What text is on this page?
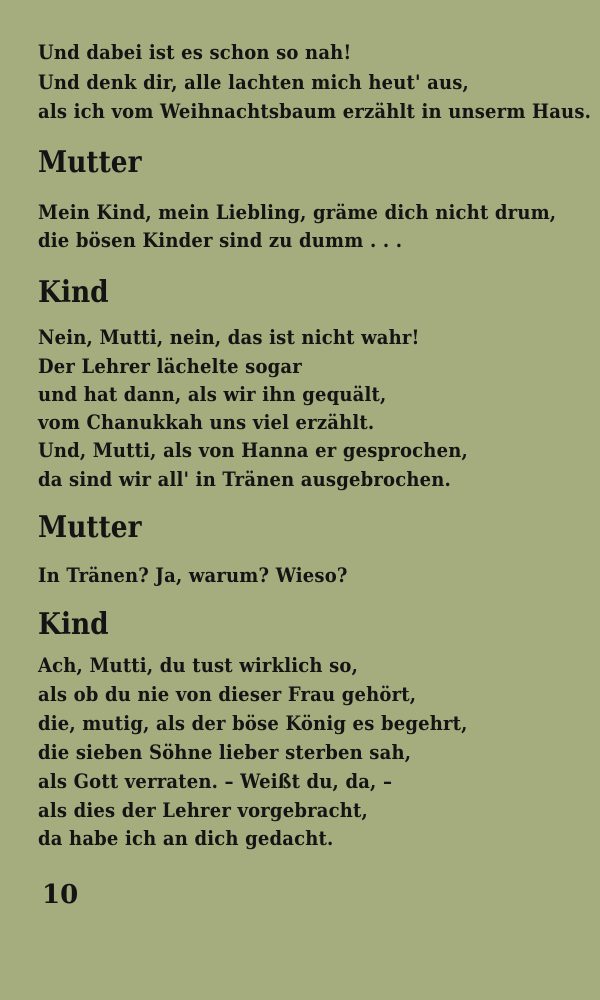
Und dabei ist es schon so nah!
Und denk dir, alle lachten mich heut' aus,
als ich vom Weihnachtsbaum erzählt in unserm Haus.
Mutter
Mein Kind, mein Liebling, gräme dich nicht drum,
die bösen Kinder sind zu dumm . . .
Kind
Nein, Mutti, nein, das ist nicht wahr!
Der Lehrer lächelte sogar
und hat dann, als wir ihn gequält,
vom Chanukkah uns viel erzählt.
Und, Mutti, als von Hanna er gesprochen,
da sind wir all' in Tränen ausgebrochen.
Mutter
In Tränen? Ja, warum? Wieso?
Kind
Ach, Mutti, du tust wirklich so,
als ob du nie von dieser Frau gehört,
die, mutig, als der böse König es begehrt,
die sieben Söhne lieber sterben sah,
als Gott verraten. – Weißt du, da, –
als dies der Lehrer vorgebracht,
da habe ich an dich gedacht.
10
